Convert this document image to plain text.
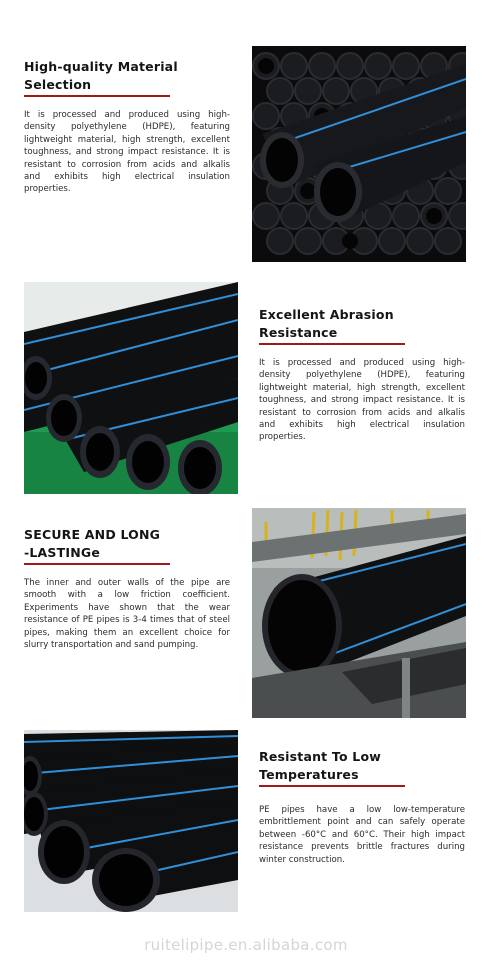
High-quality Material
Selection

It is processed and produced using high-density polyethylene (HDPE), featuring lightweight material, high strength, excellent toughness, and strong impact resistance. It is resistant to corrosion from acids and alkalis and exhibits high electrical insulation properties.

Excellent Abrasion
Resistance

It is processed and produced using high-density polyethylene (HDPE), featuring lightweight material, high strength, excellent toughness, and strong impact resistance. It is resistant to corrosion from acids and alkalis and exhibits high electrical insulation properties.

SECURE AND LONG
-LASTINGe

The inner and outer walls of the pipe are smooth with a low friction coefficient. Experiments have shown that the wear resistance of PE pipes is 3-4 times that of steel pipes, making them an excellent choice for slurry transportation and sand pumping.

Resistant To Low
Temperatures

PE pipes have a low low-temperature embrittlement point and can safely operate between -60°C and 60°C. Their high impact resistance prevents brittle fractures during winter construction.

ruitelipipe.en.alibaba.com
